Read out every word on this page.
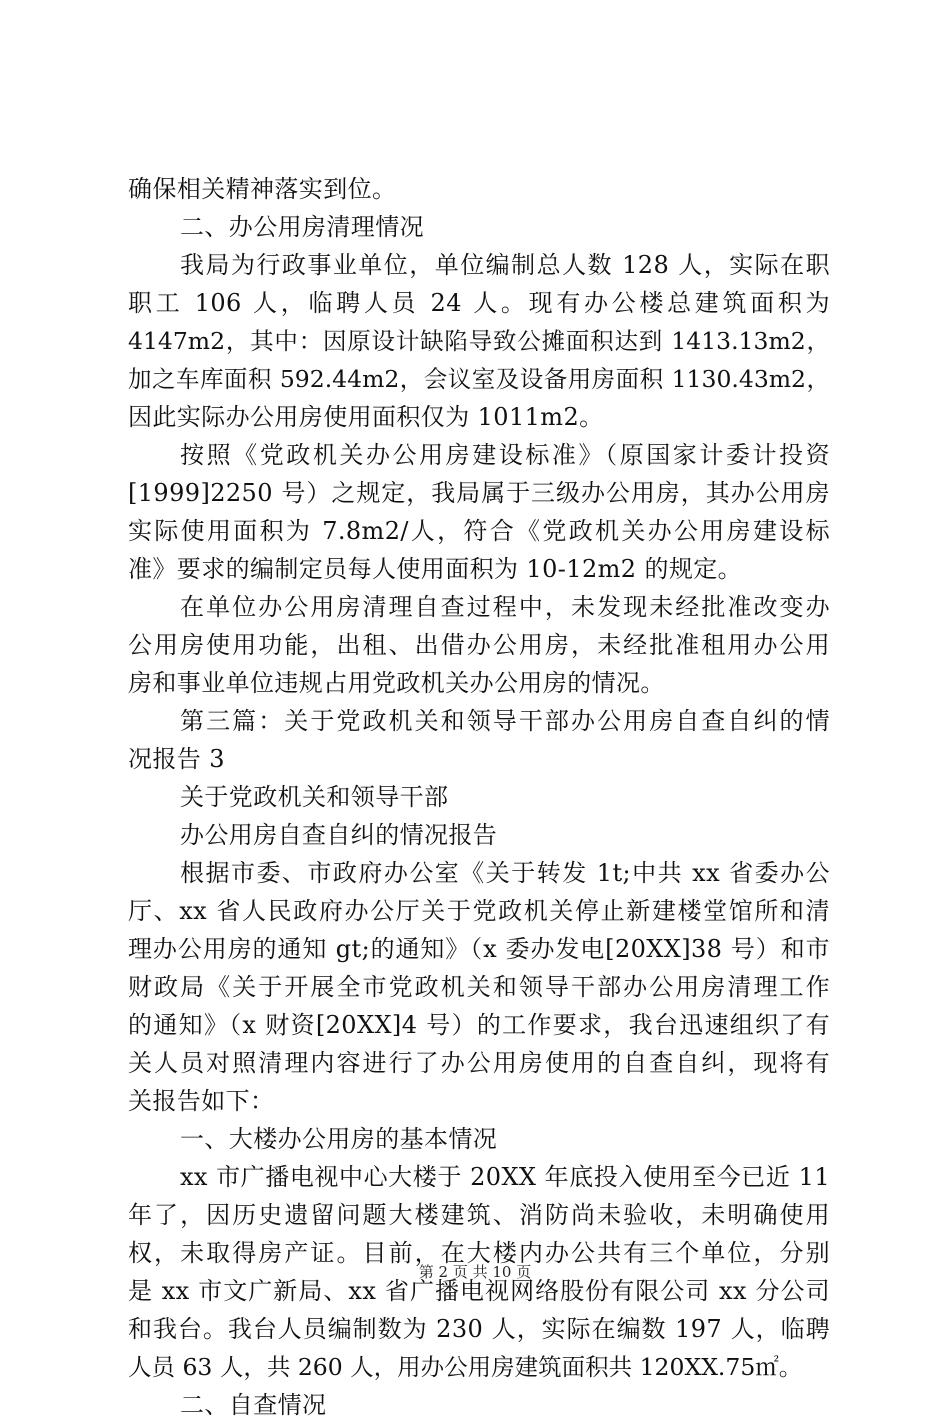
确保相关精神落实到位。
二、办公用房清理情况
我局为行政事业单位，单位编制总人数 128 人，实际在职
职工 106 人，临聘人员 24 人。现有办公楼总建筑面积为
4147m2，其中：因原设计缺陷导致公摊面积达到 1413.13m2，
加之车库面积 592.44m2，会议室及设备用房面积 1130.43m2，
因此实际办公用房使用面积仅为 1011m2。
按照《党政机关办公用房建设标准》（原国家计委计投资
[1999]2250 号）之规定，我局属于三级办公用房，其办公用房
实际使用面积为 7.8m2/人，符合《党政机关办公用房建设标
准》要求的编制定员每人使用面积为 10-12m2 的规定。
在单位办公用房清理自查过程中，未发现未经批准改变办
公用房使用功能，出租、出借办公用房，未经批准租用办公用
房和事业单位违规占用党政机关办公用房的情况。
第三篇：关于党政机关和领导干部办公用房自查自纠的情
况报告 3
关于党政机关和领导干部
办公用房自查自纠的情况报告
根据市委、市政府办公室《关于转发 1t;中共 xx 省委办公
厅、xx 省人民政府办公厅关于党政机关停止新建楼堂馆所和清
理办公用房的通知 gt;的通知》（x 委办发电[20XX]38 号）和市
财政局《关于开展全市党政机关和领导干部办公用房清理工作
的通知》（x 财资[20XX]4 号）的工作要求，我台迅速组织了有
关人员对照清理内容进行了办公用房使用的自查自纠，现将有
关报告如下：
一、大楼办公用房的基本情况
xx 市广播电视中心大楼于 20XX 年底投入使用至今已近 11
年了，因历史遗留问题大楼建筑、消防尚未验收，未明确使用
权，未取得房产证。目前，在大楼内办公共有三个单位，分别
是 xx 市文广新局、xx 省广播电视网络股份有限公司 xx 分公司
和我台。我台人员编制数为 230 人，实际在编数 197 人，临聘
人员 63 人，共 260 人，用办公用房建筑面积共 120XX.75㎡。
二、自查情况
第 2 页 共 10 页
